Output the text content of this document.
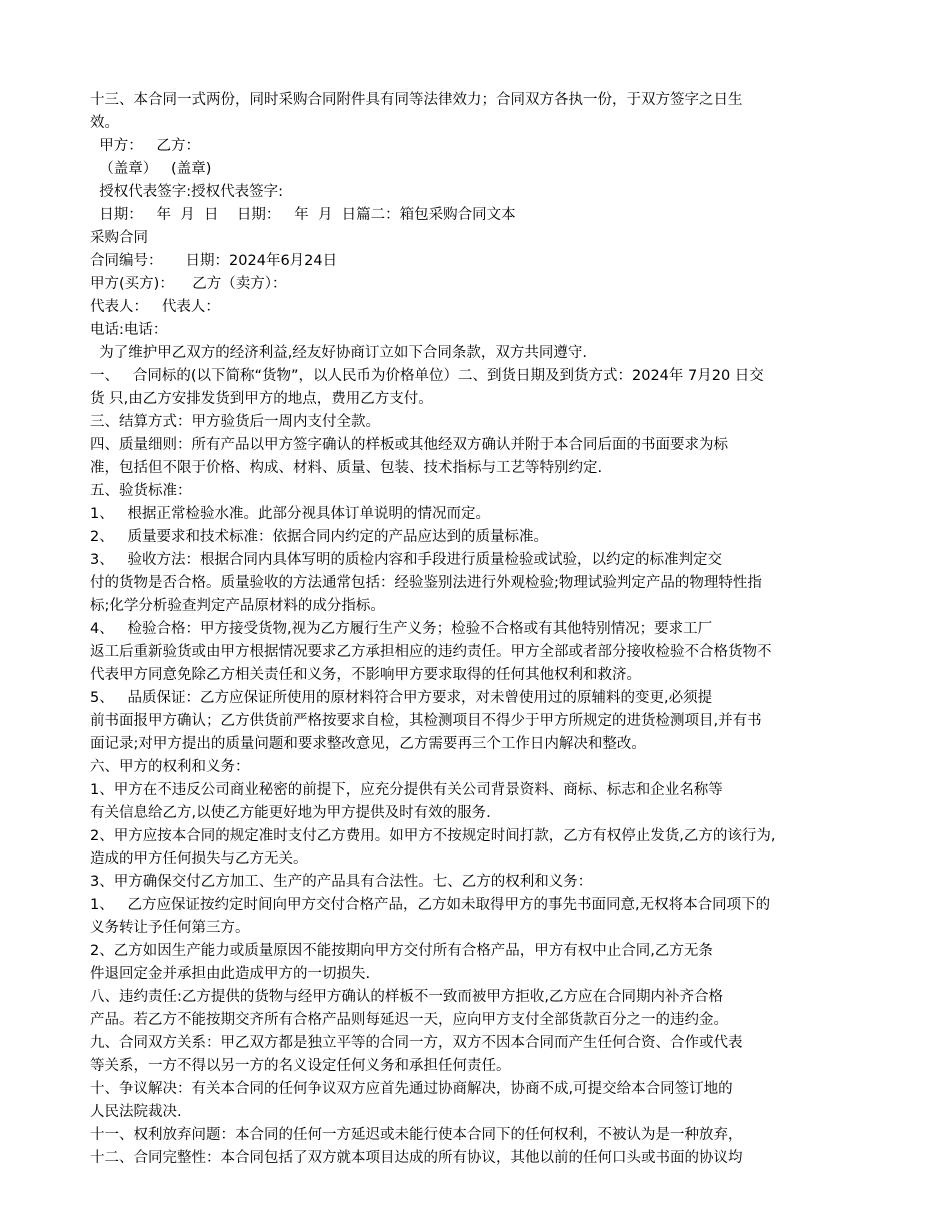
十三、本合同一式两份，同时采购合同附件具有同等法律效力；合同双方各执一份，于双方签字之日生
效。
甲方：   乙方：
（盖章）   (盖章)
授权代表签字:授权代表签字:
日期：   年  月  日    日期：   年  月  日篇二：箱包采购合同文本
采购合同
合同编号：     日期：2024年6月24日
甲方(买方)：    乙方（卖方）：
代表人：   代表人：
电话:电话：
为了维护甲乙双方的经济利益,经友好协商订立如下合同条款，双方共同遵守.
一、   合同标的(以下简称“货物”，以人民币为价格单位）二、到货日期及到货方式：2024年 7月20 日交
货 只,由乙方安排发货到甲方的地点，费用乙方支付。
三、结算方式：甲方验货后一周内支付全款。
四、质量细则：所有产品以甲方签字确认的样板或其他经双方确认并附于本合同后面的书面要求为标
准，包括但不限于价格、构成、材料、质量、包装、技术指标与工艺等特别约定.
五、验货标准：
1、   根据正常检验水准。此部分视具体订单说明的情况而定。
2、   质量要求和技术标准：依据合同内约定的产品应达到的质量标准。
3、   验收方法：根据合同内具体写明的质检内容和手段进行质量检验或试验，以约定的标准判定交
付的货物是否合格。质量验收的方法通常包括：经验鉴别法进行外观检验;物理试验判定产品的物理特性指
标;化学分析验查判定产品原材料的成分指标。
4、   检验合格：甲方接受货物,视为乙方履行生产义务；检验不合格或有其他特别情况；要求工厂
返工后重新验货或由甲方根据情况要求乙方承担相应的违约责任。甲方全部或者部分接收检验不合格货物不
代表甲方同意免除乙方相关责任和义务，不影响甲方要求取得的任何其他权利和救济。
5、   品质保证：乙方应保证所使用的原材料符合甲方要求，对未曾使用过的原辅料的变更,必须提
前书面报甲方确认；乙方供货前严格按要求自检，其检测项目不得少于甲方所规定的进货检测项目,并有书
面记录;对甲方提出的质量问题和要求整改意见，乙方需要再三个工作日内解决和整改。
六、甲方的权利和义务：
1、甲方在不违反公司商业秘密的前提下，应充分提供有关公司背景资料、商标、标志和企业名称等
有关信息给乙方,以使乙方能更好地为甲方提供及时有效的服务.
2、甲方应按本合同的规定准时支付乙方费用。如甲方不按规定时间打款，乙方有权停止发货,乙方的该行为,
造成的甲方任何损失与乙方无关。
3、甲方确保交付乙方加工、生产的产品具有合法性。七、乙方的权利和义务：
1、   乙方应保证按约定时间向甲方交付合格产品，乙方如未取得甲方的事先书面同意,无权将本合同项下的
义务转让予任何第三方。
2、乙方如因生产能力或质量原因不能按期向甲方交付所有合格产品，甲方有权中止合同,乙方无条
件退回定金并承担由此造成甲方的一切损失.
八、违约责任:乙方提供的货物与经甲方确认的样板不一致而被甲方拒收,乙方应在合同期内补齐合格
产品。若乙方不能按期交齐所有合格产品则每延迟一天，应向甲方支付全部货款百分之一的违约金。
九、合同双方关系：甲乙双方都是独立平等的合同一方，双方不因本合同而产生任何合资、合作或代表
等关系，一方不得以另一方的名义设定任何义务和承担任何责任。
十、争议解决：有关本合同的任何争议双方应首先通过协商解决，协商不成,可提交给本合同签订地的
人民法院裁决.
十一、权利放弃问题：本合同的任何一方延迟或未能行使本合同下的任何权利，不被认为是一种放弃，
十二、合同完整性：本合同包括了双方就本项目达成的所有协议，其他以前的任何口头或书面的协议均
